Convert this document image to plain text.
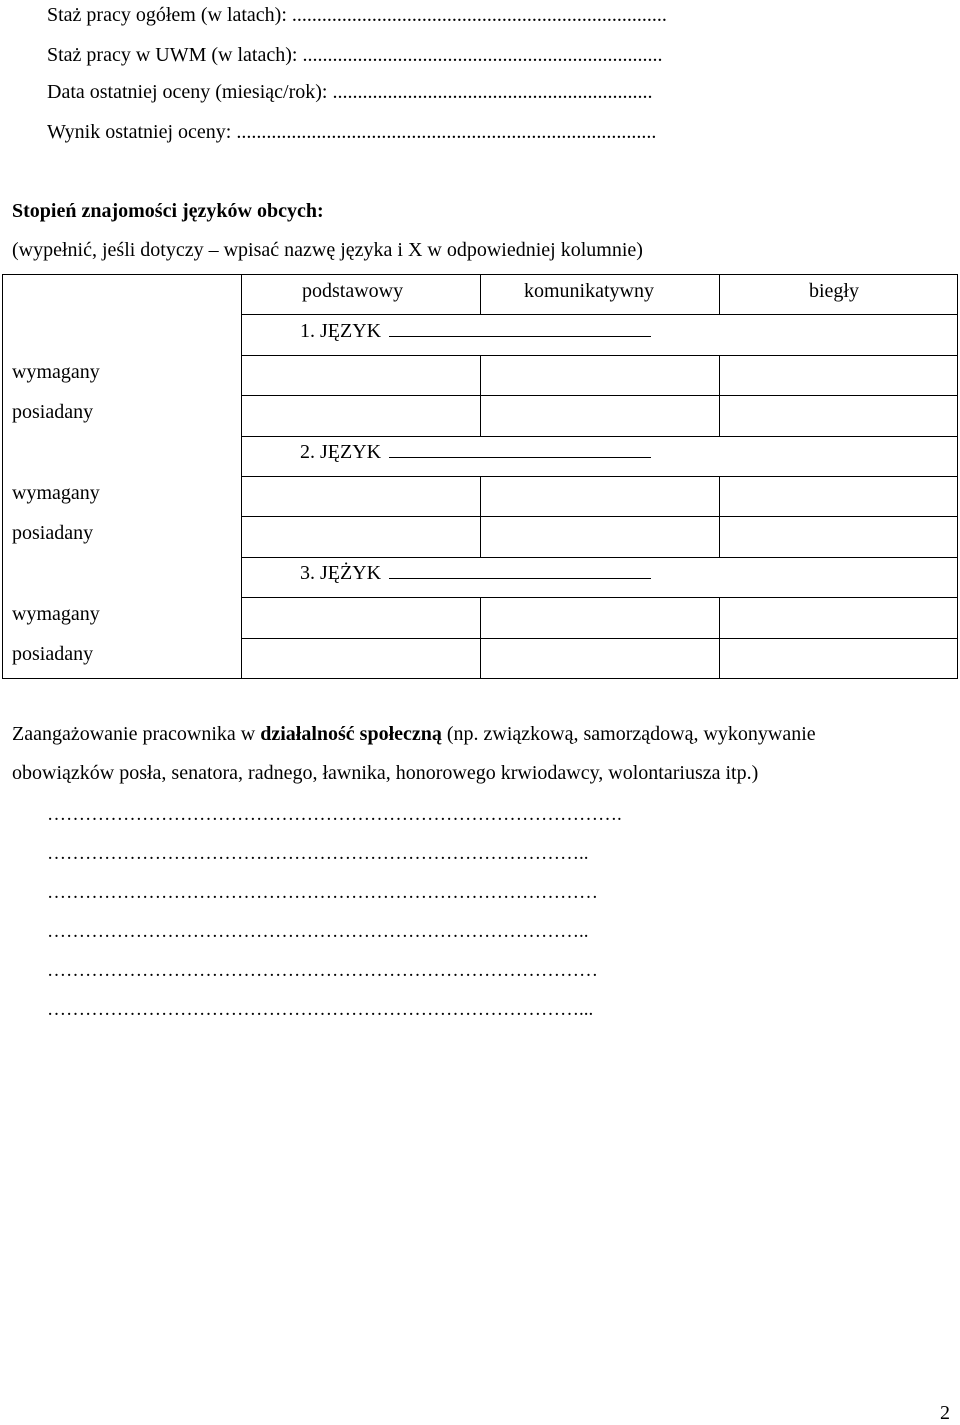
Staż pracy ogółem (w latach): ...........................................................................
Staż pracy w UWM (w latach): ........................................................................
Data ostatniej oceny (miesiąc/rok): ................................................................
Wynik ostatniej oceny: ....................................................................................
Stopień znajomości języków obcych:
(wypełnić, jeśli dotyczy – wpisać nazwę języka i X w odpowiedniej kolumnie)
podstawowy	komunikatywny	biegły
1. JĘZYK
wymagany
posiadany
2. JĘZYK
wymagany
posiadany
3. JĘŻYK
wymagany
posiadany
Zaangażowanie pracownika w działalność społeczną (np. związkową, samorządową, wykonywanie
obowiązków posła, senatora, radnego, ławnika, honorowego krwiodawcy, wolontariusza itp.)
……………………………………………………………………………….
…………………………………………………………………………..
……………………………………………………………………………
…………………………………………………………………………..
……………………………………………………………………………
…………………………………………………………………………...
2
